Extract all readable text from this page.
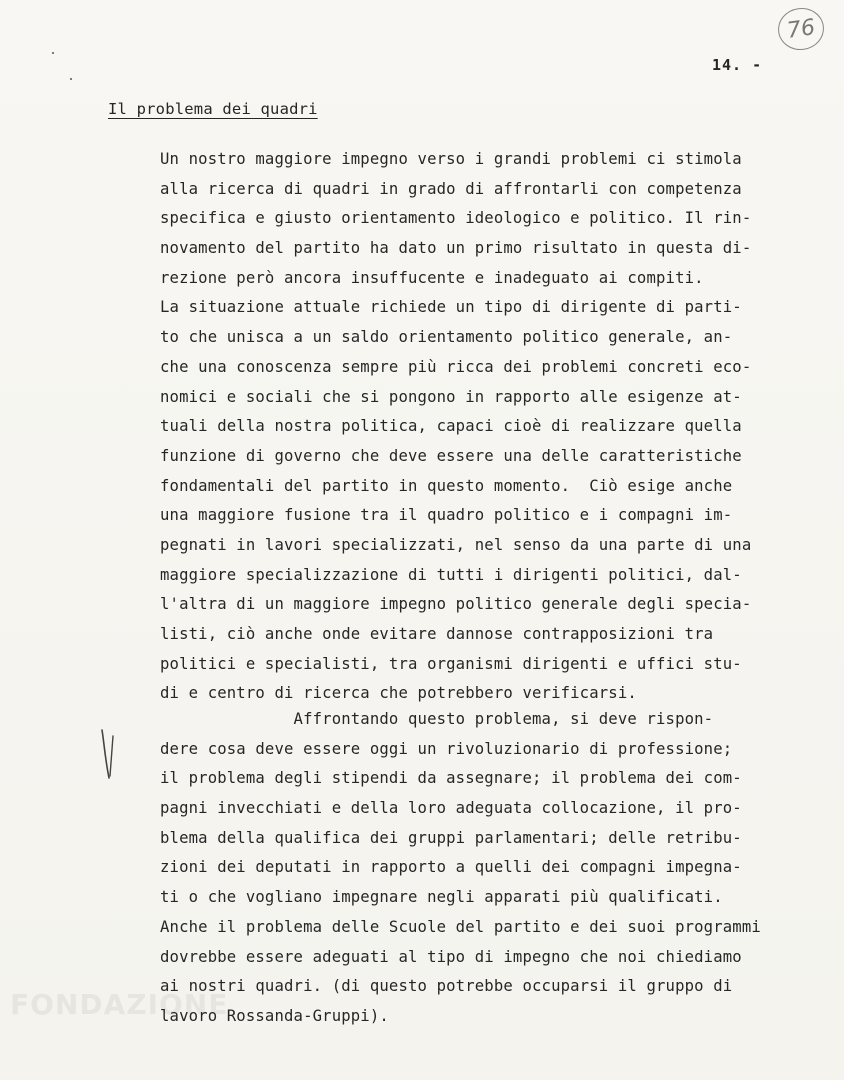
FONDAZIONE
76
14. -
Il problema dei quadri
Un nostro maggiore impegno verso i grandi problemi ci stimola
alla ricerca di quadri in grado di affrontarli con competenza
specifica e giusto orientamento ideologico e politico. Il rin-
novamento del partito ha dato un primo risultato in questa di-
rezione però ancora insuffucente e inadeguato ai compiti.
La situazione attuale richiede un tipo di dirigente di parti-
to che unisca a un saldo orientamento politico generale, an-
che una conoscenza sempre più ricca dei problemi concreti eco-
nomici e sociali che si pongono in rapporto alle esigenze at-
tuali della nostra politica, capaci cioè di realizzare quella
funzione di governo che deve essere una delle caratteristiche
fondamentali del partito in questo momento.  Ciò esige anche
una maggiore fusione tra il quadro politico e i compagni im-
pegnati in lavori specializzati, nel senso da una parte di una
maggiore specializzazione di tutti i dirigenti politici, dal-
l'altra di un maggiore impegno politico generale degli specia-
listi, ciò anche onde evitare dannose contrapposizioni tra
politici e specialisti, tra organismi dirigenti e uffici stu-
di e centro di ricerca che potrebbero verificarsi.
Affrontando questo problema, si deve rispon-
dere cosa deve essere oggi un rivoluzionario di professione;
il problema degli stipendi da assegnare; il problema dei com-
pagni invecchiati e della loro adeguata collocazione, il pro-
blema della qualifica dei gruppi parlamentari; delle retribu-
zioni dei deputati in rapporto a quelli dei compagni impegna-
ti o che vogliano impegnare negli apparati più qualificati.
Anche il problema delle Scuole del partito e dei suoi programmi
dovrebbe essere adeguati al tipo di impegno che noi chiediamo
ai nostri quadri. (di questo potrebbe occuparsi il gruppo di
lavoro Rossanda-Gruppi).
